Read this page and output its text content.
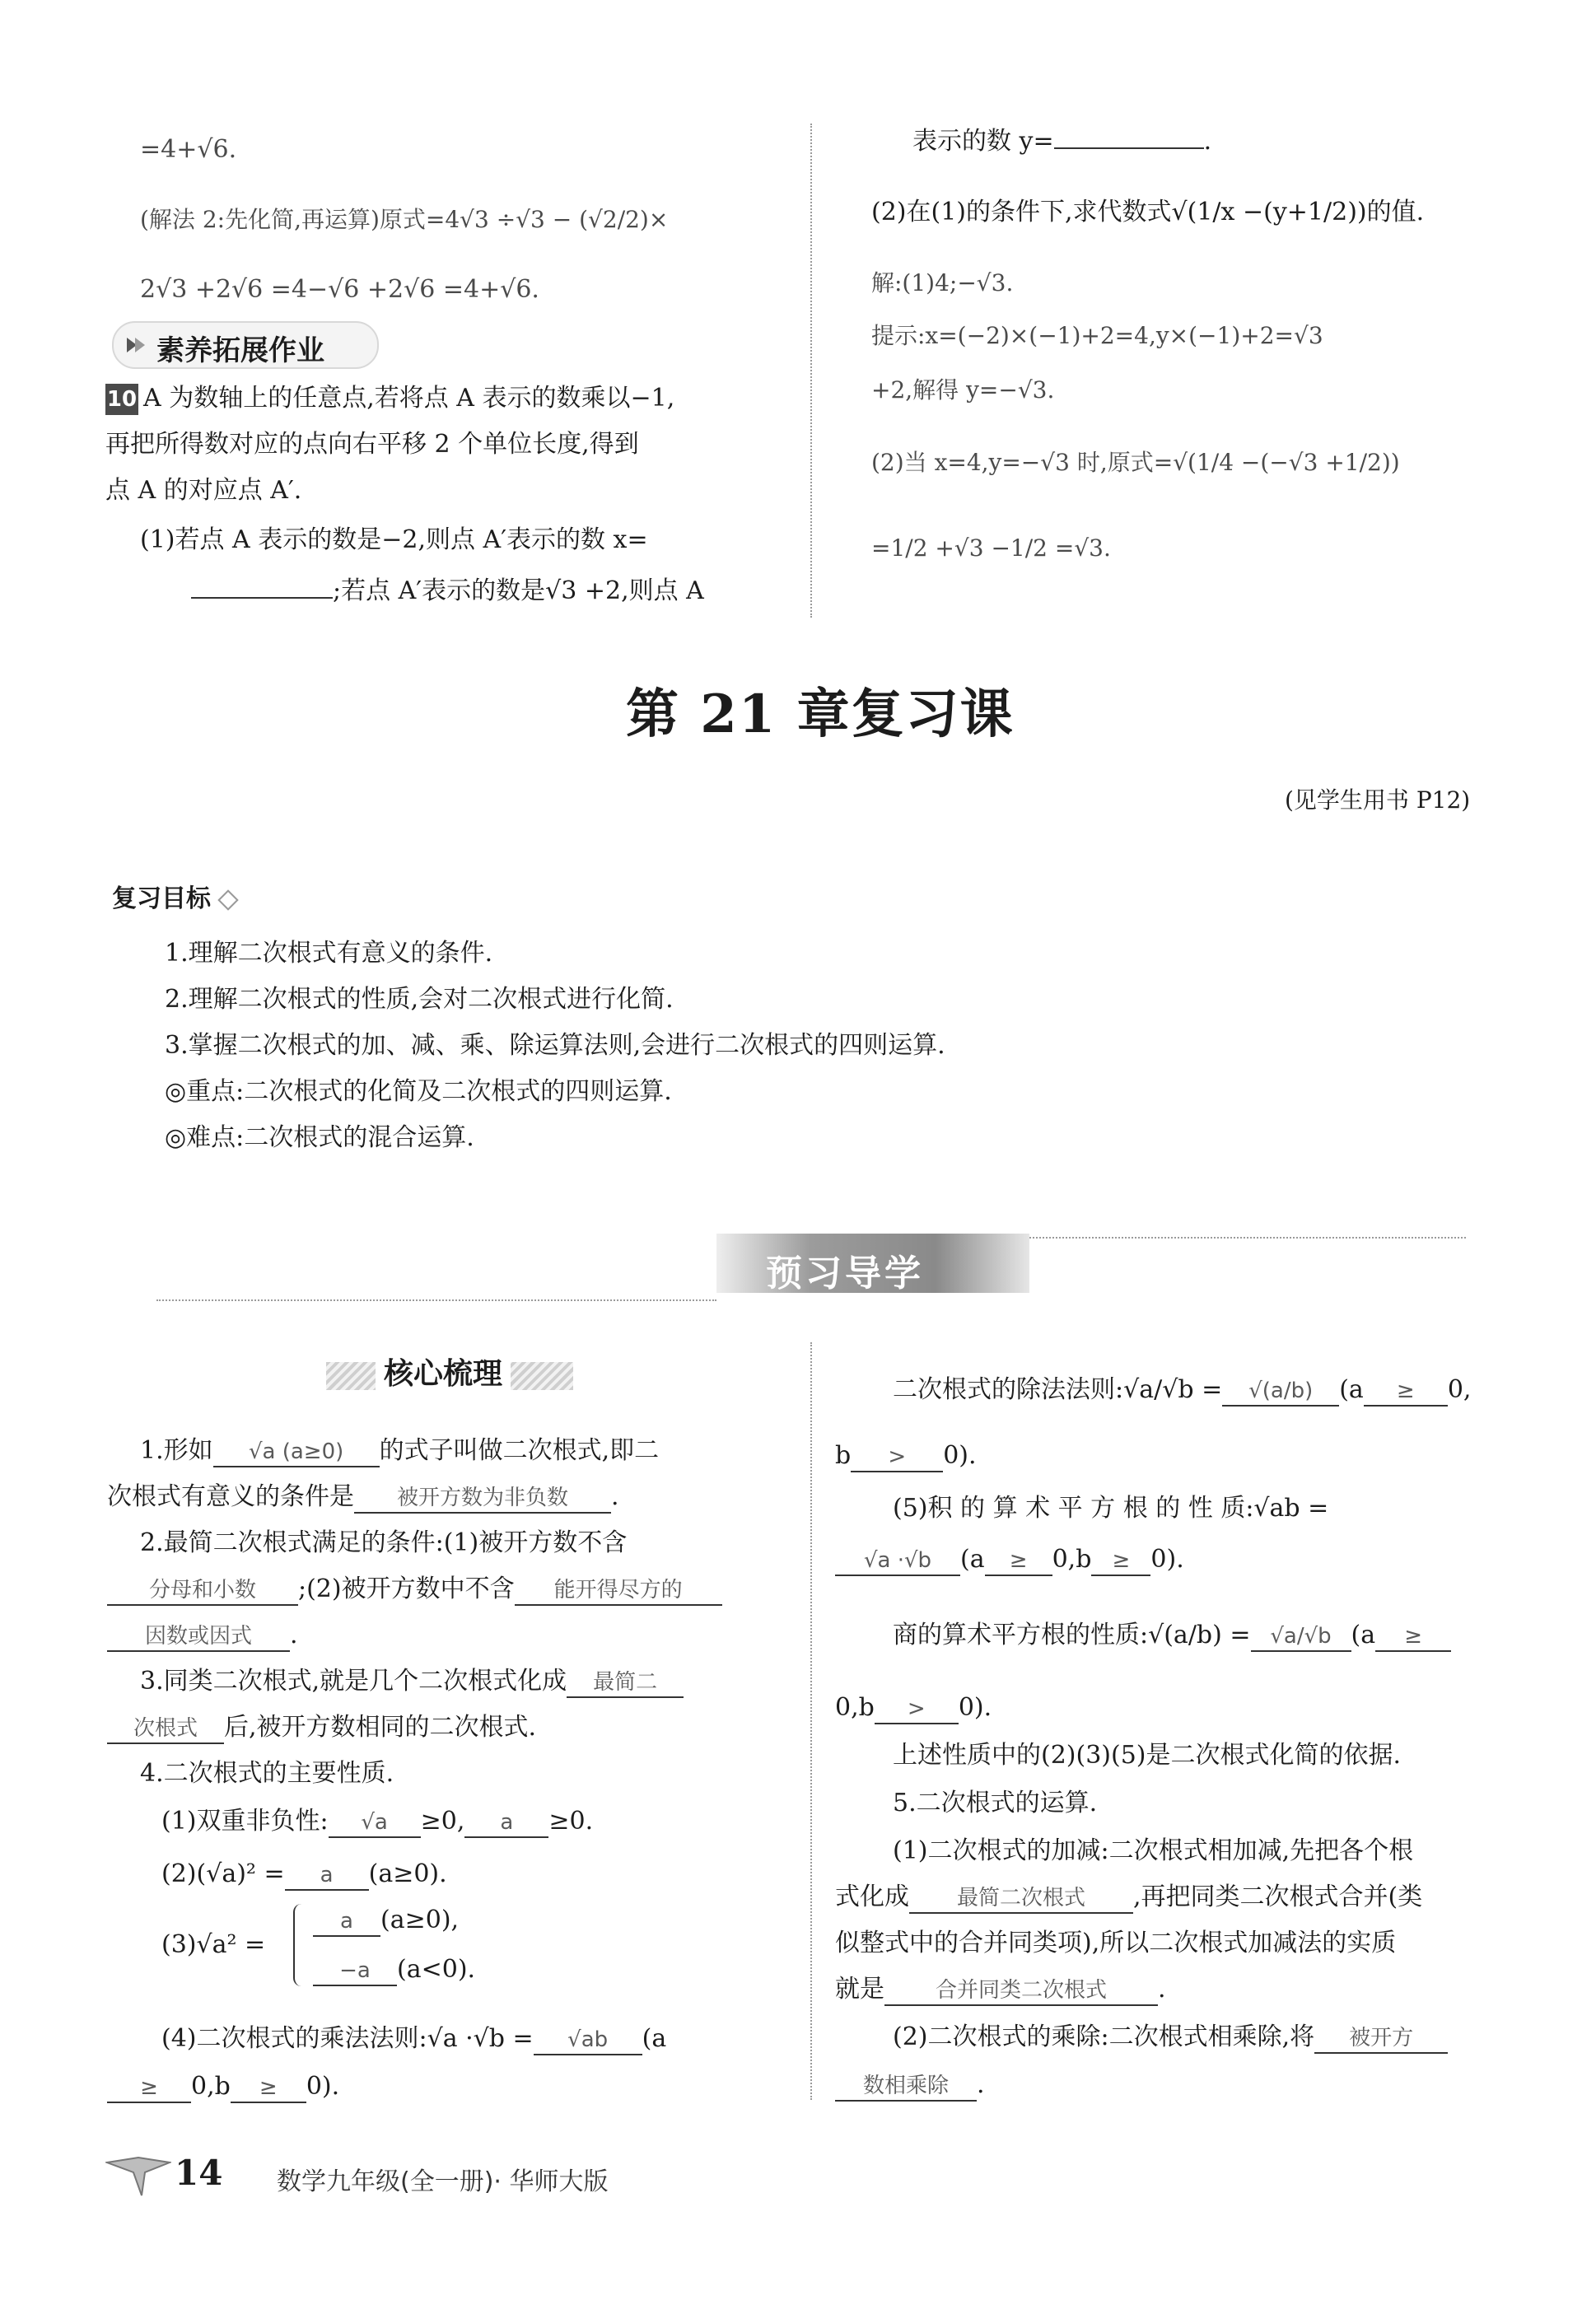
=4+√6.
(解法 2:先化简,再运算)原式=4√3 ÷√3 − (√2/2)×
2√3 +2√6 =4−√6 +2√6 =4+√6.
素养拓展作业
10 A 为数轴上的任意点,若将点 A 表示的数乘以−1,
再把所得数对应的点向右平移 2 个单位长度,得到
点 A 的对应点 A′.
(1)若点 A 表示的数是−2,则点 A′表示的数 x=
;若点 A′表示的数是√3 +2,则点 A
表示的数 y=	.
(2)在(1)的条件下,求代数式√(1/x −(y+1/2))的值.
解:(1)4;−√3.
提示:x=(−2)×(−1)+2=4,y×(−1)+2=√3
+2,解得 y=−√3.
(2)当 x=4,y=−√3 时,原式=√(1/4 −(−√3 +1/2))
=1/2 +√3 −1/2 =√3.
第 21 章复习课
(见学生用书 P12)
复习目标
1.理解二次根式有意义的条件.
2.理解二次根式的性质,会对二次根式进行化简.
3.掌握二次根式的加、减、乘、除运算法则,会进行二次根式的四则运算.
◎重点:二次根式的化简及二次根式的四则运算.
◎难点:二次根式的混合运算.
预习导学
核心梳理
1.形如 √a (a≥0) 的式子叫做二次根式,即二
次根式有意义的条件是 被开方数为非负数 .
2.最简二次根式满足的条件:(1)被开方数不含
分母和小数 ;(2)被开方数中不含 能开得尽方的
因数或因式 .
3.同类二次根式,就是几个二次根式化成 最简二
次根式 后,被开方数相同的二次根式.
4.二次根式的主要性质.
(1)双重非负性: √a ≥0, a ≥0.
(2)(√a)² = a (a≥0).
(3)√a² =
a (a≥0),
−a (a<0).
(4)二次根式的乘法法则:√a ·√b = √ab (a
≥ 0,b ≥ 0).
二次根式的除法法则:√a/√b = √(a/b) (a ≥ 0,
b > 0).
(5)积 的 算 术 平 方 根 的 性 质:√ab =
√a ·√b (a ≥ 0,b ≥ 0).
商的算术平方根的性质:√(a/b) = √a/√b (a ≥
0,b > 0).
上述性质中的(2)(3)(5)是二次根式化简的依据.
5.二次根式的运算.
(1)二次根式的加减:二次根式相加减,先把各个根
式化成 最简二次根式 ,再把同类二次根式合并(类
似整式中的合并同类项),所以二次根式加减法的实质
就是 合并同类二次根式 .
(2)二次根式的乘除:二次根式相乘除,将 被开方
数相乘除 .
14 数学九年级(全一册)· 华师大版
